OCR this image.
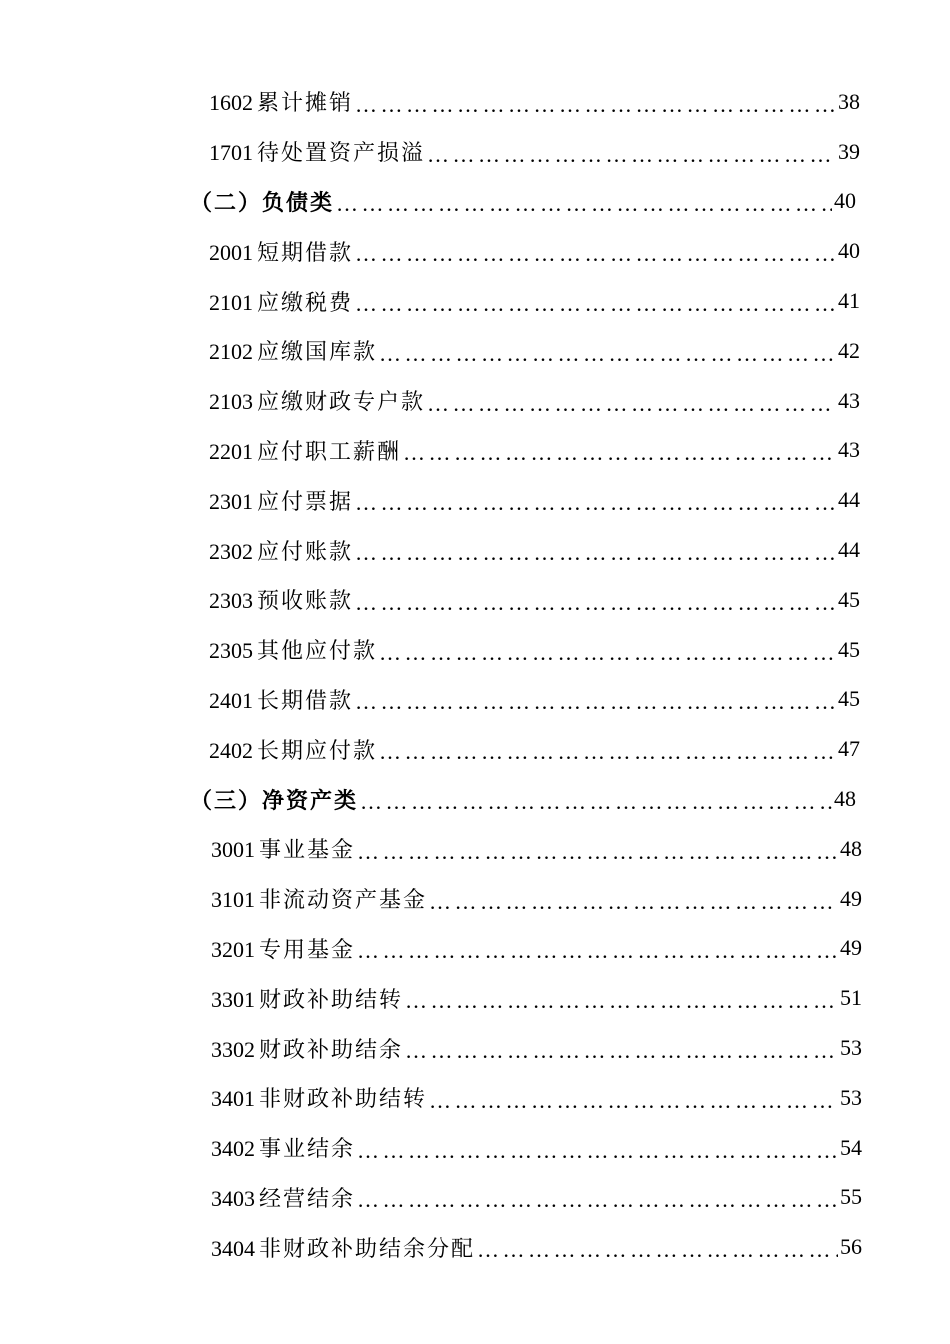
1602 累计摊销 … … … … … … … … … … … … … … … … … … … … … … … … … … … … … … … … … … … … … … … … … …	38
1701 待处置资产损溢 … … … … … … … … … … … … … … … … … … … … … … … … … … … … … … … … … … … … … … … … … …	39
（二）负债类 … … … … … … … … … … … … … … … … … … … … … … … … … … … … … … … … … … … … … … … … … …	40
2001 短期借款 … … … … … … … … … … … … … … … … … … … … … … … … … … … … … … … … … … … … … … … … … …	40
2101 应缴税费 … … … … … … … … … … … … … … … … … … … … … … … … … … … … … … … … … … … … … … … … … …	41
2102 应缴国库款 … … … … … … … … … … … … … … … … … … … … … … … … … … … … … … … … … … … … … … … … … …	42
2103 应缴财政专户款 … … … … … … … … … … … … … … … … … … … … … … … … … … … … … … … … … … … … … … … … … …	43
2201 应付职工薪酬 … … … … … … … … … … … … … … … … … … … … … … … … … … … … … … … … … … … … … … … … … …	43
2301 应付票据 … … … … … … … … … … … … … … … … … … … … … … … … … … … … … … … … … … … … … … … … … …	44
2302 应付账款 … … … … … … … … … … … … … … … … … … … … … … … … … … … … … … … … … … … … … … … … … …	44
2303 预收账款 … … … … … … … … … … … … … … … … … … … … … … … … … … … … … … … … … … … … … … … … … …	45
2305 其他应付款 … … … … … … … … … … … … … … … … … … … … … … … … … … … … … … … … … … … … … … … … … …	45
2401 长期借款 … … … … … … … … … … … … … … … … … … … … … … … … … … … … … … … … … … … … … … … … … …	45
2402 长期应付款 … … … … … … … … … … … … … … … … … … … … … … … … … … … … … … … … … … … … … … … … … …	47
（三）净资产类 … … … … … … … … … … … … … … … … … … … … … … … … … … … … … … … … … … … … … … … … … …	48
3001 事业基金 … … … … … … … … … … … … … … … … … … … … … … … … … … … … … … … … … … … … … … … … … …	48
3101 非流动资产基金 … … … … … … … … … … … … … … … … … … … … … … … … … … … … … … … … … … … … … … … … … …	49
3201 专用基金 … … … … … … … … … … … … … … … … … … … … … … … … … … … … … … … … … … … … … … … … … …	49
3301 财政补助结转 … … … … … … … … … … … … … … … … … … … … … … … … … … … … … … … … … … … … … … … … … …	51
3302 财政补助结余 … … … … … … … … … … … … … … … … … … … … … … … … … … … … … … … … … … … … … … … … … …	53
3401 非财政补助结转 … … … … … … … … … … … … … … … … … … … … … … … … … … … … … … … … … … … … … … … … … …	53
3402 事业结余 … … … … … … … … … … … … … … … … … … … … … … … … … … … … … … … … … … … … … … … … … …	54
3403 经营结余 … … … … … … … … … … … … … … … … … … … … … … … … … … … … … … … … … … … … … … … … … …	55
3404 非财政补助结余分配 … … … … … … … … … … … … … … … … … … … … … … … … … … … … … … … … … … … … … … … … … …	56
